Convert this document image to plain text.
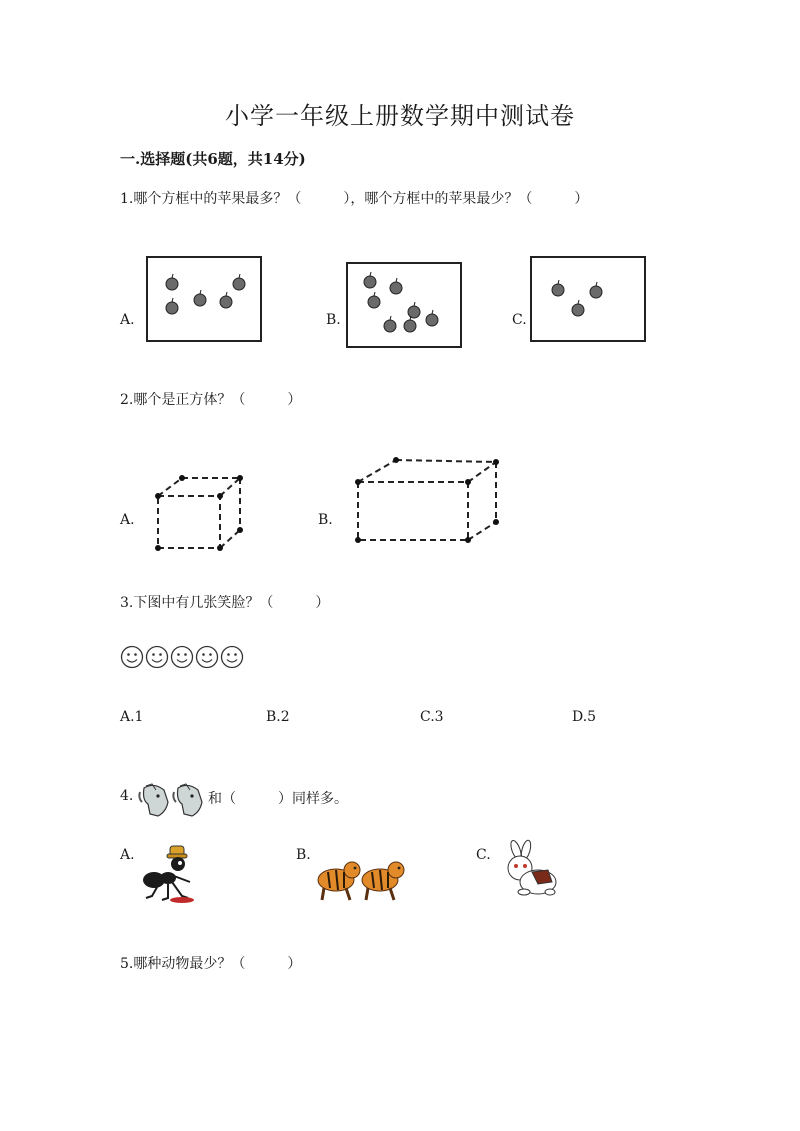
小学一年级上册数学期中测试卷
一.选择题(共6题，共14分)
1.哪个方框中的苹果最多？（　　　），哪个方框中的苹果最少？（　　　）
A.	B.	C.
2.哪个是正方体？（　　　）
A.	B.
3.下图中有几张笑脸？（　　　）
A.1	B.2	C.3	D.5
4.	和（　　　）同样多。
A.	B.	C.
5.哪种动物最少？（　　　）
